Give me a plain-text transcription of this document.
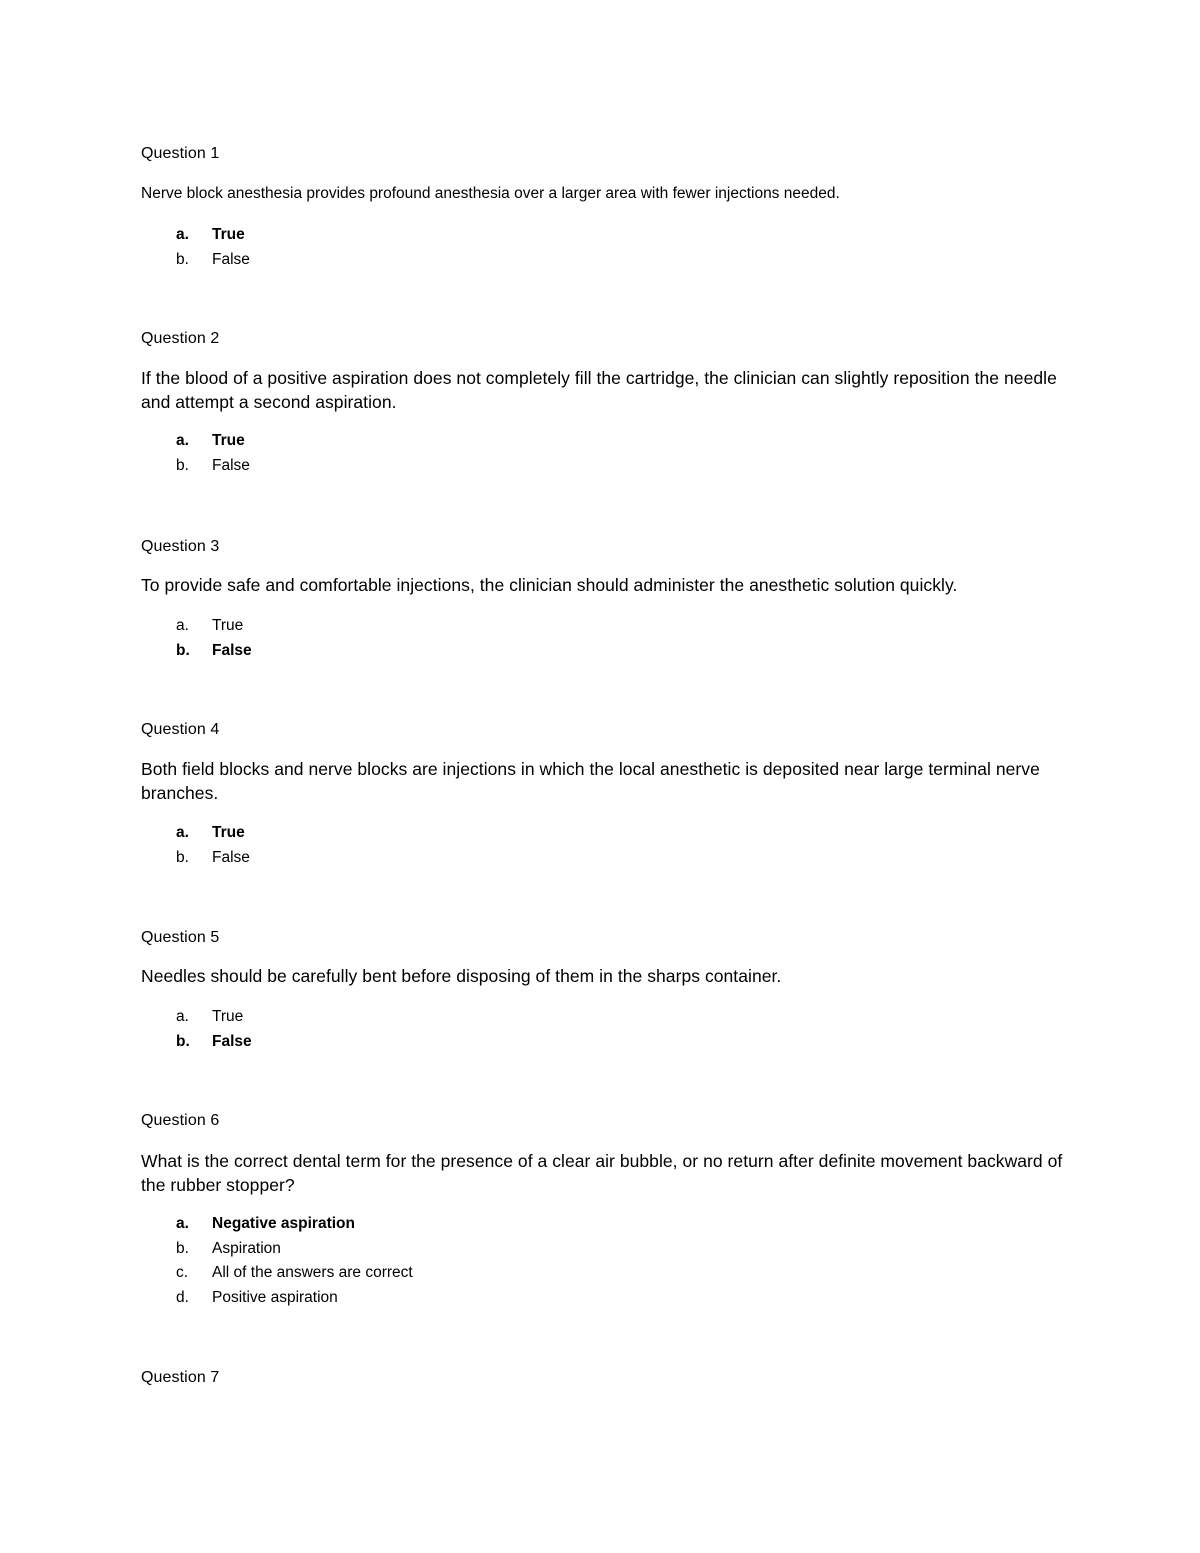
Question 1

Nerve block anesthesia provides profound anesthesia over a larger area with fewer injections needed.

a. True
b. False

Question 2

If the blood of a positive aspiration does not completely fill the cartridge, the clinician can slightly reposition the needle and attempt a second aspiration.

a. True
b. False

Question 3

To provide safe and comfortable injections, the clinician should administer the anesthetic solution quickly.

a. True
b. False

Question 4

Both field blocks and nerve blocks are injections in which the local anesthetic is deposited near large terminal nerve branches.

a. True
b. False

Question 5

Needles should be carefully bent before disposing of them in the sharps container.

a. True
b. False

Question 6

What is the correct dental term for the presence of a clear air bubble, or no return after definite movement backward of the rubber stopper?

a. Negative aspiration
b. Aspiration
c. All of the answers are correct
d. Positive aspiration

Question 7
